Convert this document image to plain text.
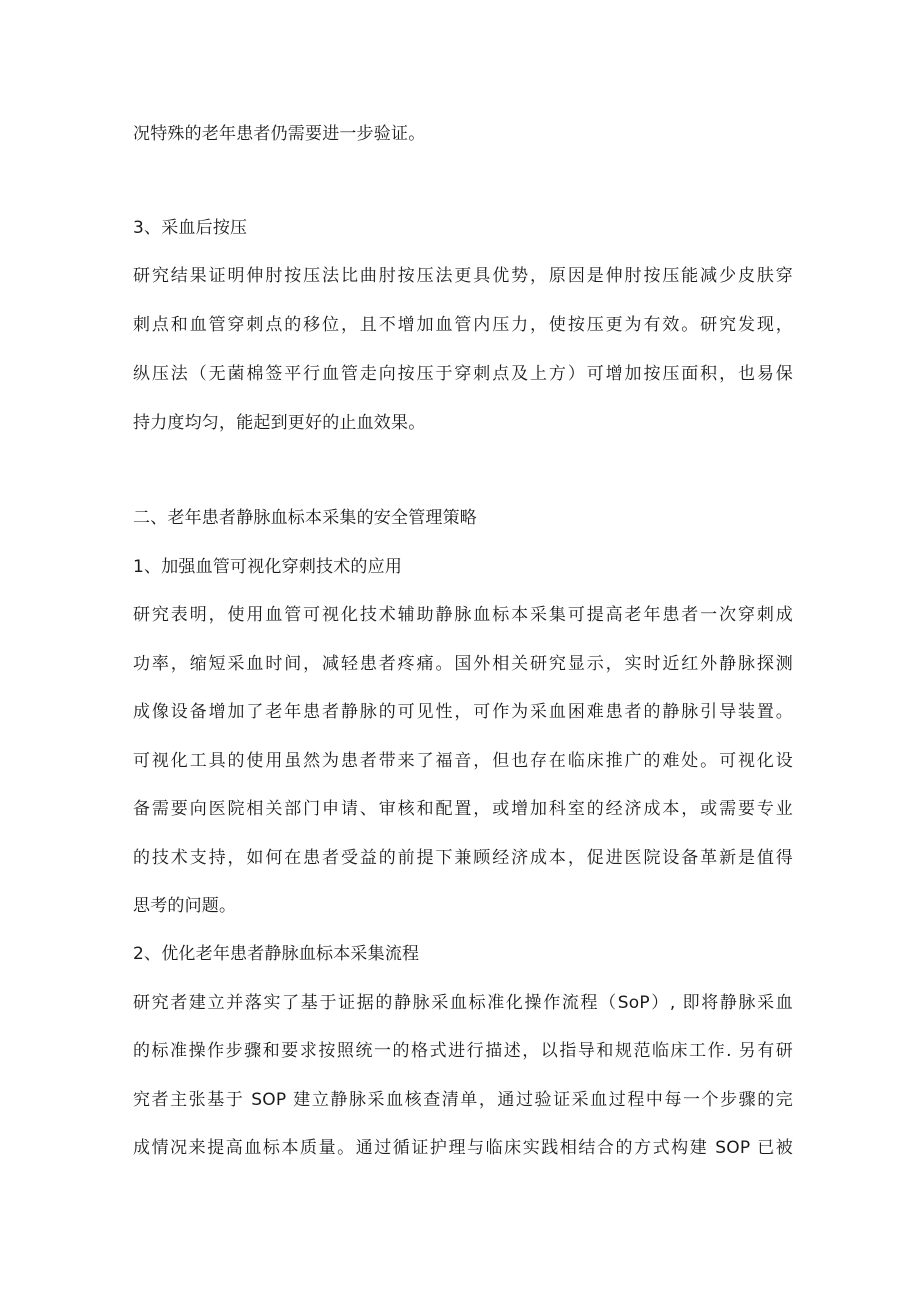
况特殊的老年患者仍需要进一步验证。
3、采血后按压
研究结果证明伸肘按压法比曲肘按压法更具优势，原因是伸肘按压能减少皮肤穿
刺点和血管穿刺点的移位，且不增加血管内压力，使按压更为有效。研究发现，
纵压法（无菌棉签平行血管走向按压于穿刺点及上方）可增加按压面积，也易保
持力度均匀，能起到更好的止血效果。
二、老年患者静脉血标本采集的安全管理策略
1、加强血管可视化穿刺技术的应用
研究表明，使用血管可视化技术辅助静脉血标本采集可提高老年患者一次穿刺成
功率，缩短采血时间，减轻患者疼痛。国外相关研究显示，实时近红外静脉探测
成像设备增加了老年患者静脉的可见性，可作为采血困难患者的静脉引导装置。
可视化工具的使用虽然为患者带来了福音，但也存在临床推广的难处。可视化设
备需要向医院相关部门申请、审核和配置，或增加科室的经济成本，或需要专业
的技术支持，如何在患者受益的前提下兼顾经济成本，促进医院设备革新是值得
思考的问题。
2、优化老年患者静脉血标本采集流程
研究者建立并落实了基于证据的静脉采血标准化操作流程（SoP）, 即将静脉采血
的标准操作步骤和要求按照统一的格式进行描述，以指导和规范临床工作. 另有研
究者主张基于 SOP 建立静脉采血核查清单，通过验证采血过程中每一个步骤的完
成情况来提高血标本质量。通过循证护理与临床实践相结合的方式构建 SOP 已被
